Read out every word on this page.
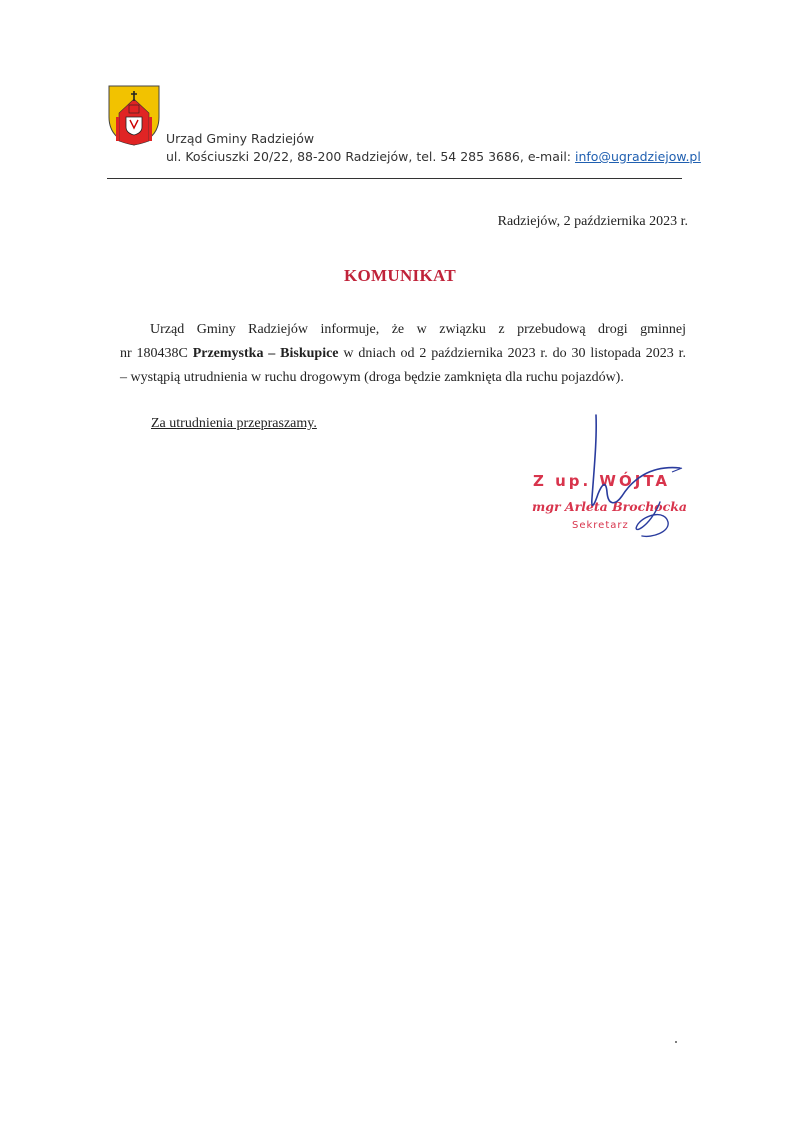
Urząd Gminy Radziejów
ul. Kościuszki 20/22, 88-200 Radziejów, tel. 54 285 3686, e-mail: info@ugradziejow.pl
Radziejów, 2 października 2023 r.
KOMUNIKAT
Urząd Gminy Radziejów informuje, że w związku z przebudową drogi gminnej
nr 180438C Przemystka – Biskupice w dniach od 2 października 2023 r. do 30 listopada 2023 r.
– wystąpią utrudnienia w ruchu drogowym (droga będzie zamknięta dla ruchu pojazdów).
Za utrudnienia przepraszamy.
Z up. WÓJTA
mgr Arleta Brochocka
Sekretarz
